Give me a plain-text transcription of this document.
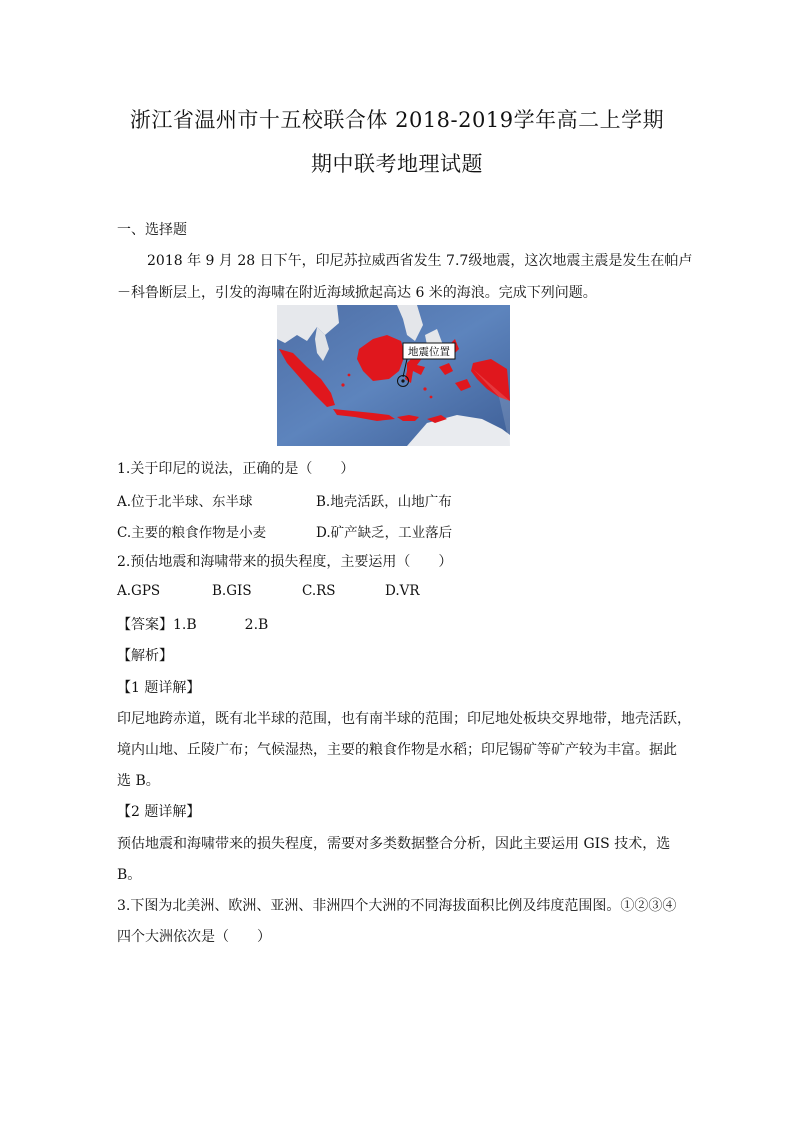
浙江省温州市十五校联合体 2018-2019学年高二上学期
期中联考地理试题
一、选择题
2018 年 9 月 28 日下午，印尼苏拉威西省发生 7.7级地震，这次地震主震是发生在帕卢
－科鲁断层上，引发的海啸在附近海域掀起高达 6 米的海浪。完成下列问题。
地震位置
1.关于印尼的说法，正确的是（　　）
A.位于北半球、东半球	B.地壳活跃，山地广布
C.主要的粮食作物是小麦	D.矿产缺乏，工业落后
2.预估地震和海啸带来的损失程度，主要运用（　　）
A.GPS	B.GIS	C.RS	D.VR
【答案】1.B	2.B
【解析】
【1 题详解】
印尼地跨赤道，既有北半球的范围，也有南半球的范围；印尼地处板块交界地带，地壳活跃，
境内山地、丘陵广布；气候湿热，主要的粮食作物是水稻；印尼锡矿等矿产较为丰富。据此
选 B。
【2 题详解】
预估地震和海啸带来的损失程度，需要对多类数据整合分析，因此主要运用 GIS 技术，选
B。
3.下图为北美洲、欧洲、亚洲、非洲四个大洲的不同海拔面积比例及纬度范围图。①②③④
四个大洲依次是（　　）
